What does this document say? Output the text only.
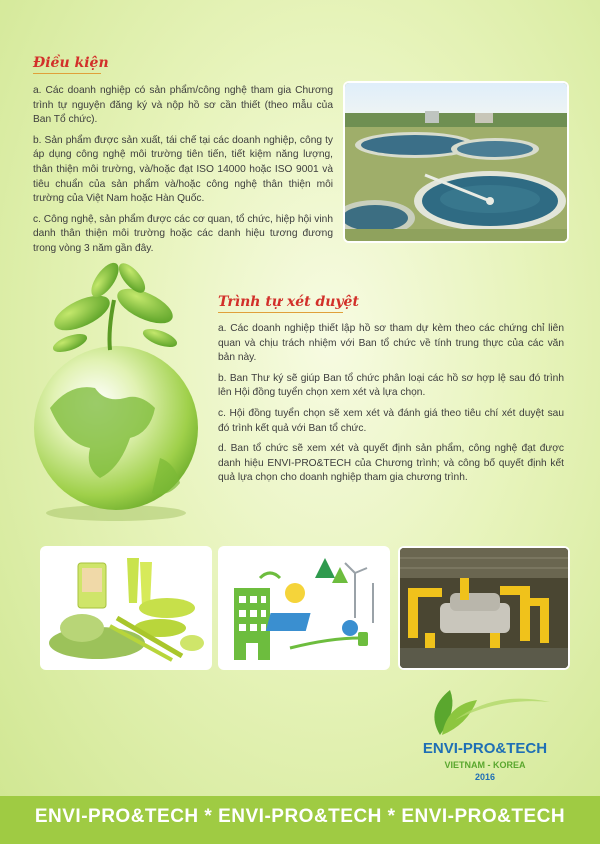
Điều kiện

a. Các doanh nghiệp có sản phẩm/công nghệ tham gia Chương trình tự nguyện đăng ký và nộp hồ sơ cần thiết (theo mẫu của Ban Tổ chức).

b. Sản phẩm được sản xuất, tái chế tại các doanh nghiệp, công ty áp dụng công nghệ môi trường tiên tiến, tiết kiệm năng lượng, thân thiện môi trường, và/hoặc đạt ISO 14000 hoặc ISO 9001 và tiêu chuẩn của sản phẩm và/hoặc công nghệ thân thiện môi trường của Việt Nam hoặc Hàn Quốc.

c. Công nghệ, sản phẩm được các cơ quan, tổ chức, hiệp hội vinh danh thân thiện môi trường hoặc các danh hiệu tương đương trong vòng 3 năm gần đây.

Trình tự xét duyệt

a. Các doanh nghiệp thiết lập hồ sơ tham dự kèm theo các chứng chỉ liên quan và chịu trách nhiệm với Ban tổ chức về tính trung thực của các văn bản này.

b. Ban Thư ký sẽ giúp Ban tổ chức phân loại các hồ sơ hợp lệ sau đó trình lên Hội đồng tuyển chọn xem xét và lựa chọn.

c. Hội đồng tuyển chọn sẽ xem xét và đánh giá theo tiêu chí xét duyệt sau đó trình kết quả với Ban tổ chức.

d. Ban tổ chức sẽ xem xét và quyết định sản phẩm, công nghệ đạt được danh hiệu ENVI-PRO&TECH của Chương trình; và công bố quyết định kết quả lựa chọn cho doanh nghiệp tham gia chương trình.

ENVI-PRO&TECH
VIETNAM - KOREA
2016
ENVI-PRO&TECH * ENVI-PRO&TECH * ENVI-PRO&TECH
